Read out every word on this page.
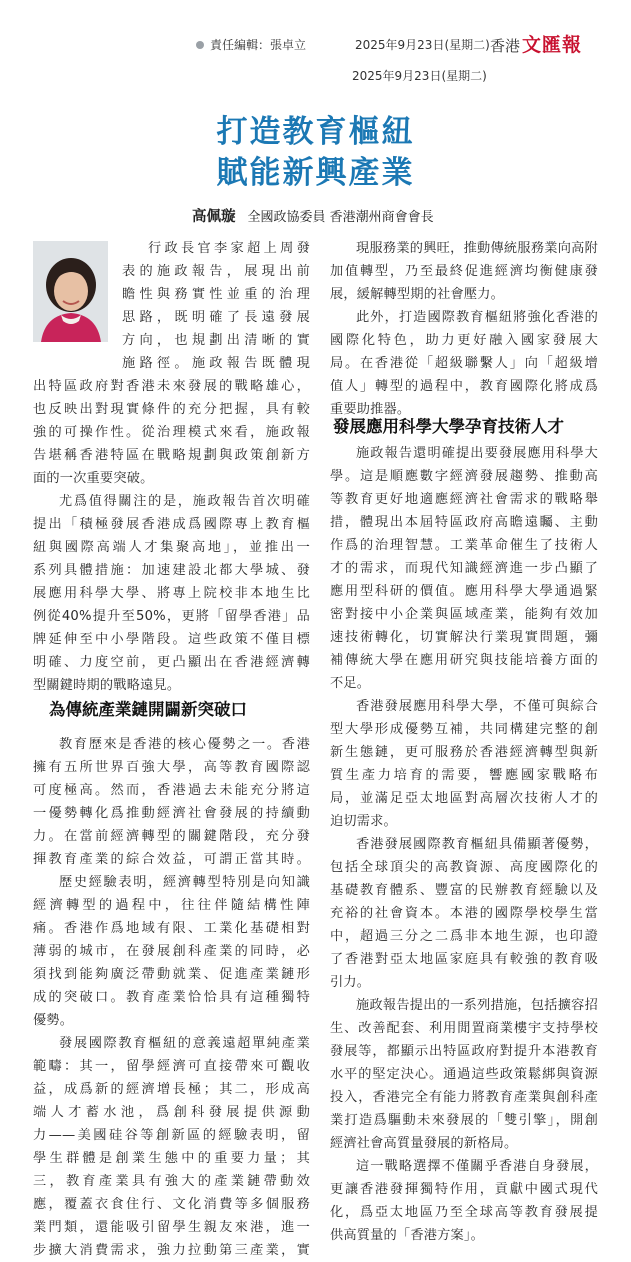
責任編輯：張卓立	2025年9月23日(星期二) 香港 文匯報
2025年9月23日(星期二)
打造教育樞紐
賦能新興產業
高佩璇 全國政協委員 香港潮州商會會長
行政長官李家超上周發
表的施政報告，展現出前
瞻性與務實性並重的治理
思路，既明確了長遠發展
方向，也規劃出清晰的實
施路徑。施政報告既體現
出特區政府對香港未來發展的戰略雄心，
也反映出對現實條件的充分把握，具有較
強的可操作性。從治理模式來看，施政報
告堪稱香港特區在戰略規劃與政策創新方
面的一次重要突破。
尤爲值得關注的是，施政報告首次明確
提出「積極發展香港成爲國際專上教育樞
紐與國際高端人才集聚高地」，並推出一
系列具體措施：加速建設北都大學城、發
展應用科學大學、將專上院校非本地生比
例從40%提升至50%，更將「留學香港」品
牌延伸至中小學階段。這些政策不僅目標
明確、力度空前，更凸顯出在香港經濟轉
型關鍵時期的戰略遠見。
為傳統產業鏈開闢新突破口
教育歷來是香港的核心優勢之一。香港
擁有五所世界百強大學，高等教育國際認
可度極高。然而，香港過去未能充分將這
一優勢轉化爲推動經濟社會發展的持續動
力。在當前經濟轉型的關鍵階段，充分發
揮教育產業的綜合效益，可謂正當其時。
歷史經驗表明，經濟轉型特別是向知識
經濟轉型的過程中，往往伴隨結構性陣
痛。香港作爲地域有限、工業化基礎相對
薄弱的城市，在發展創科產業的同時，必
須找到能夠廣泛帶動就業、促進產業鏈形
成的突破口。教育產業恰恰具有這種獨特
優勢。
發展國際教育樞紐的意義遠超單純產業
範疇：其一，留學經濟可直接帶來可觀收
益，成爲新的經濟增長極；其二，形成高
端人才蓄水池，爲創科發展提供源動
力——美國硅谷等創新區的經驗表明，留
學生群體是創業生態中的重要力量；其
三，教育產業具有強大的產業鏈帶動效
應，覆蓋衣食住行、文化消費等多個服務
業門類，還能吸引留學生親友來港，進一
步擴大消費需求，強力拉動第三產業，實
現服務業的興旺，推動傳統服務業向高附
加值轉型，乃至最終促進經濟均衡健康發
展，緩解轉型期的社會壓力。
此外，打造國際教育樞紐將強化香港的
國際化特色，助力更好融入國家發展大
局。在香港從「超級聯繫人」向「超級增
值人」轉型的過程中，教育國際化將成爲
重要助推器。
發展應用科學大學孕育技術人才
施政報告還明確提出要發展應用科學大
學。這是順應數字經濟發展趨勢、推動高
等教育更好地適應經濟社會需求的戰略舉
措，體現出本屆特區政府高瞻遠矚、主動
作爲的治理智慧。工業革命催生了技術人
才的需求，而現代知識經濟進一步凸顯了
應用型科研的價值。應用科學大學通過緊
密對接中小企業與區域產業，能夠有效加
速技術轉化，切實解決行業現實問題，彌
補傳統大學在應用研究與技能培養方面的
不足。
香港發展應用科學大學，不僅可與綜合
型大學形成優勢互補，共同構建完整的創
新生態鏈，更可服務於香港經濟轉型與新
質生產力培育的需要，響應國家戰略布
局，並滿足亞太地區對高層次技術人才的
迫切需求。
香港發展國際教育樞紐具備顯著優勢，
包括全球頂尖的高教資源、高度國際化的
基礎教育體系、豐富的民辦教育經驗以及
充裕的社會資本。本港的國際學校學生當
中，超過三分之二爲非本地生源，也印證
了香港對亞太地區家庭具有較強的教育吸
引力。
施政報告提出的一系列措施，包括擴容招
生、改善配套、利用閒置商業樓宇支持學校
發展等，都顯示出特區政府對提升本港教育
水平的堅定決心。通過這些政策鬆綁與資源
投入，香港完全有能力將教育產業與創科產
業打造爲驅動未來發展的「雙引擎」，開創
經濟社會高質量發展的新格局。
這一戰略選擇不僅關乎香港自身發展，
更讓香港發揮獨特作用，貢獻中國式現代
化，爲亞太地區乃至全球高等教育發展提
供高質量的「香港方案」。
